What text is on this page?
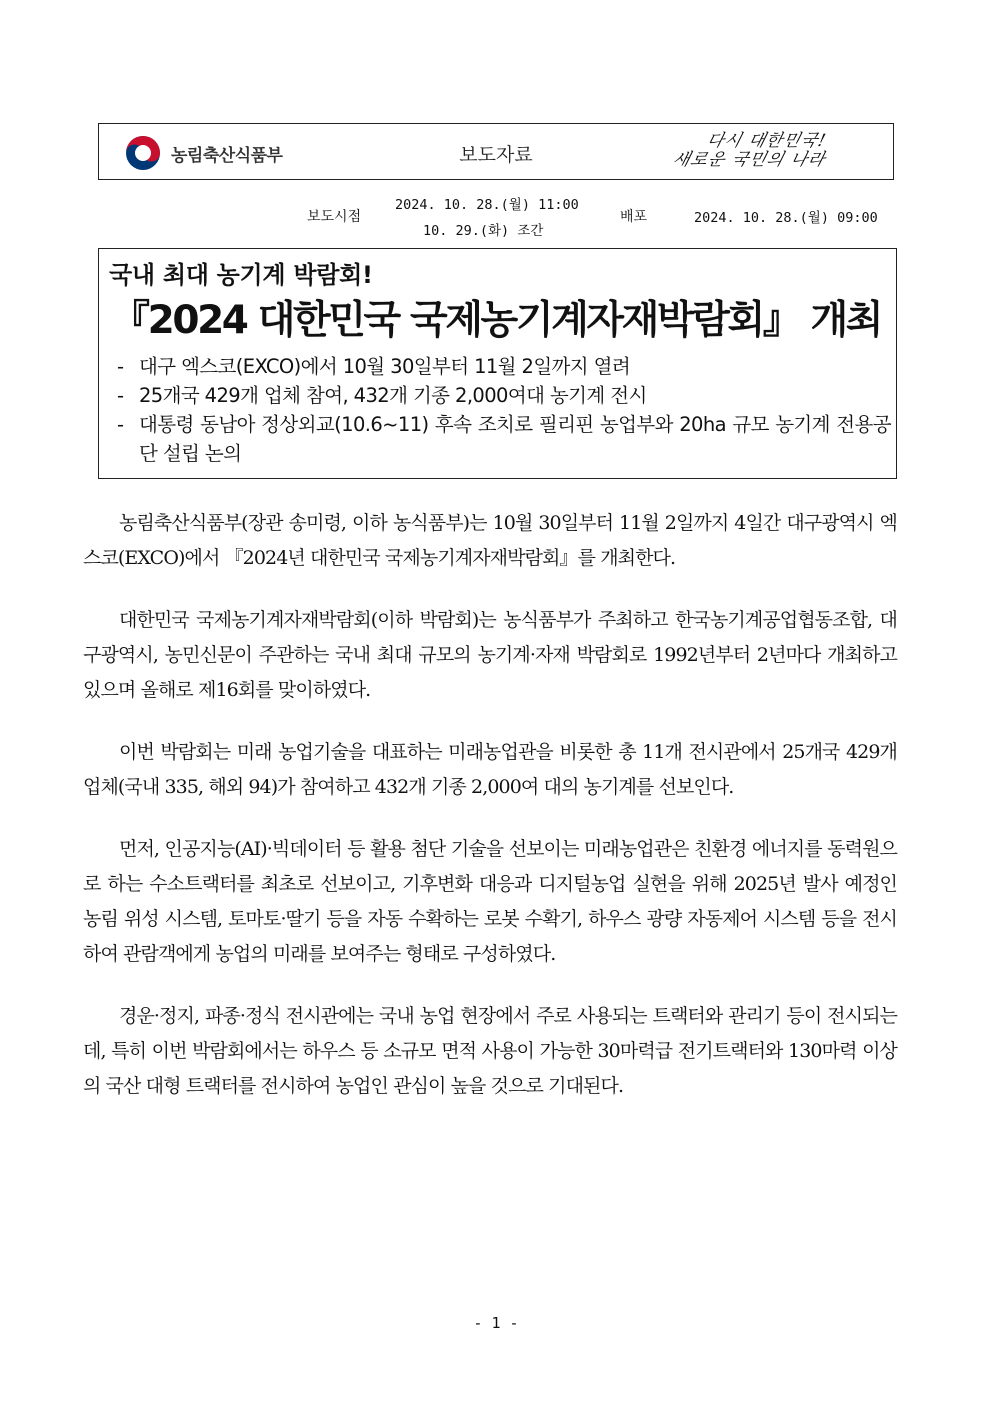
농림축산식품부	보도자료
다시 대한민국!
새로운 국민의 나라
보도시점
2024. 10. 28.(월) 11:00
10. 29.(화) 조간
배포	2024. 10. 28.(월) 09:00
국내 최대 농기계 박람회!
『2024 대한민국 국제농기계자재박람회』 개최
- 대구 엑스코(EXCO)에서 10월 30일부터 11월 2일까지 열려
- 25개국 429개 업체 참여, 432개 기종 2,000여대 농기계 전시
- 대통령 동남아 정상외교(10.6~11) 후속 조치로 필리핀 농업부와 20ha 규모 농기계 전용공단 설립 논의

농림축산식품부(장관 송미령, 이하 농식품부)는 10월 30일부터 11월 2일까지 4일간 대구광역시 엑스코(EXCO)에서 『2024년 대한민국 국제농기계자재박람회』를 개최한다.

대한민국 국제농기계자재박람회(이하 박람회)는 농식품부가 주최하고 한국농기계공업협동조합, 대구광역시, 농민신문이 주관하는 국내 최대 규모의 농기계·자재 박람회로 1992년부터 2년마다 개최하고 있으며 올해로 제16회를 맞이하였다.

이번 박람회는 미래 농업기술을 대표하는 미래농업관을 비롯한 총 11개 전시관에서 25개국 429개 업체(국내 335, 해외 94)가 참여하고 432개 기종 2,000여 대의 농기계를 선보인다.

먼저, 인공지능(AI)·빅데이터 등 활용 첨단 기술을 선보이는 미래농업관은 친환경 에너지를 동력원으로 하는 수소트랙터를 최초로 선보이고, 기후변화 대응과 디지털농업 실현을 위해 2025년 발사 예정인 농림 위성 시스템, 토마토·딸기 등을 자동 수확하는 로봇 수확기, 하우스 광량 자동제어 시스템 등을 전시하여 관람객에게 농업의 미래를 보여주는 형태로 구성하였다.

경운·정지, 파종·정식 전시관에는 국내 농업 현장에서 주로 사용되는 트랙터와 관리기 등이 전시되는데, 특히 이번 박람회에서는 하우스 등 소규모 면적 사용이 가능한 30마력급 전기트랙터와 130마력 이상의 국산 대형 트랙터를 전시하여 농업인 관심이 높을 것으로 기대된다.

- 1 -
